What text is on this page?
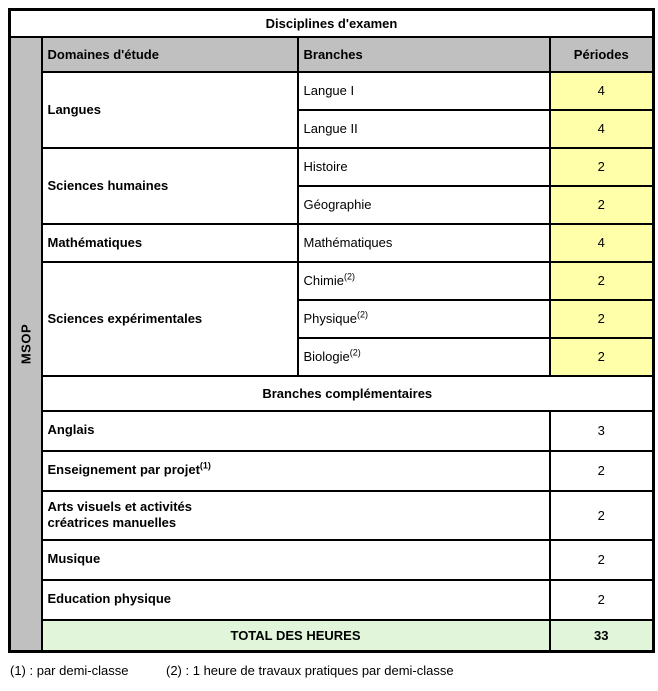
Disciplines d'examen			

MSOP	Domaines d'étude	Branches	Périodes
	Langues	Langue I	4
		Langue II	4
	Sciences humaines	Histoire	2
		Géographie	2
	Mathématiques	Mathématiques	4
	Sciences expérimentales	Chimie$^{(2)}$	2
		Physique$^{(2)}$	2
		Biologie$^{(2)}$	2
	Branches complémentaires		

	Anglais		3

	Enseignement par projet$^{(1)}$		2

	Arts visuels et activités
créatrices manuelles		2

	Musique		2

	Education physique		2
	TOTAL DES HEURES		33
(1) : par demi-classe	(2) : 1 heure de travaux pratiques par demi-classe
